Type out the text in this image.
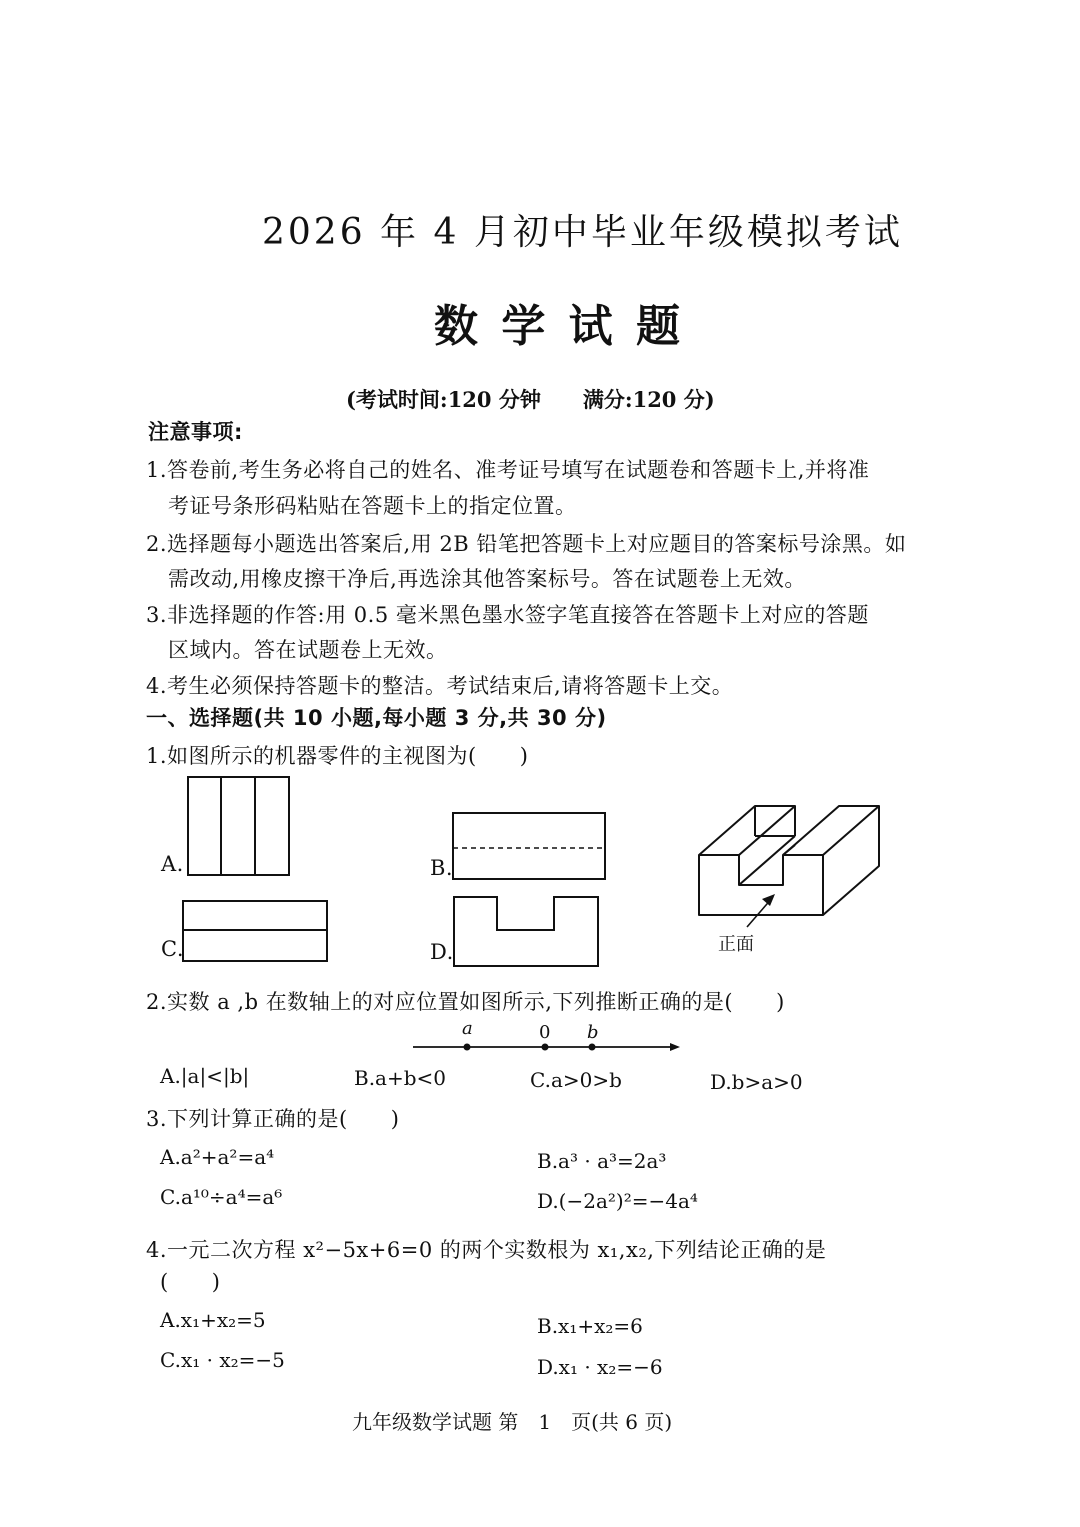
2026 年 4 月初中毕业年级模拟考试
数 学 试 题
(考试时间:120 分钟　　满分:120 分)
注意事项:
1.答卷前,考生务必将自己的姓名、准考证号填写在试题卷和答题卡上,并将准
考证号条形码粘贴在答题卡上的指定位置。
2.选择题每小题选出答案后,用 2B 铅笔把答题卡上对应题目的答案标号涂黑。如
需改动,用橡皮擦干净后,再选涂其他答案标号。答在试题卷上无效。
3.非选择题的作答:用 0.5 毫米黑色墨水签字笔直接答在答题卡上对应的答题
区域内。答在试题卷上无效。
4.考生必须保持答题卡的整洁。考试结束后,请将答题卡上交。
一、选择题(共 10 小题,每小题 3 分,共 30 分)
1.如图所示的机器零件的主视图为(　　)
A.	B.
C.	D.	正面
2.实数 a ,b 在数轴上的对应位置如图所示,下列推断正确的是(　　)
a	0 b
A.|a|<|b|	B.a+b<0	C.a>0>b	D.b>a>0
3.下列计算正确的是(　　)
A.a²+a²=a⁴	B.a³ · a³=2a³
C.a¹⁰÷a⁴=a⁶	D.(−2a²)²=−4a⁴
4.一元二次方程 x²−5x+6=0 的两个实数根为 x₁,x₂,下列结论正确的是
(　　)
A.x₁+x₂=5	B.x₁+x₂=6
C.x₁ · x₂=−5	D.x₁ · x₂=−6
九年级数学试题 第　1　页(共 6 页)
